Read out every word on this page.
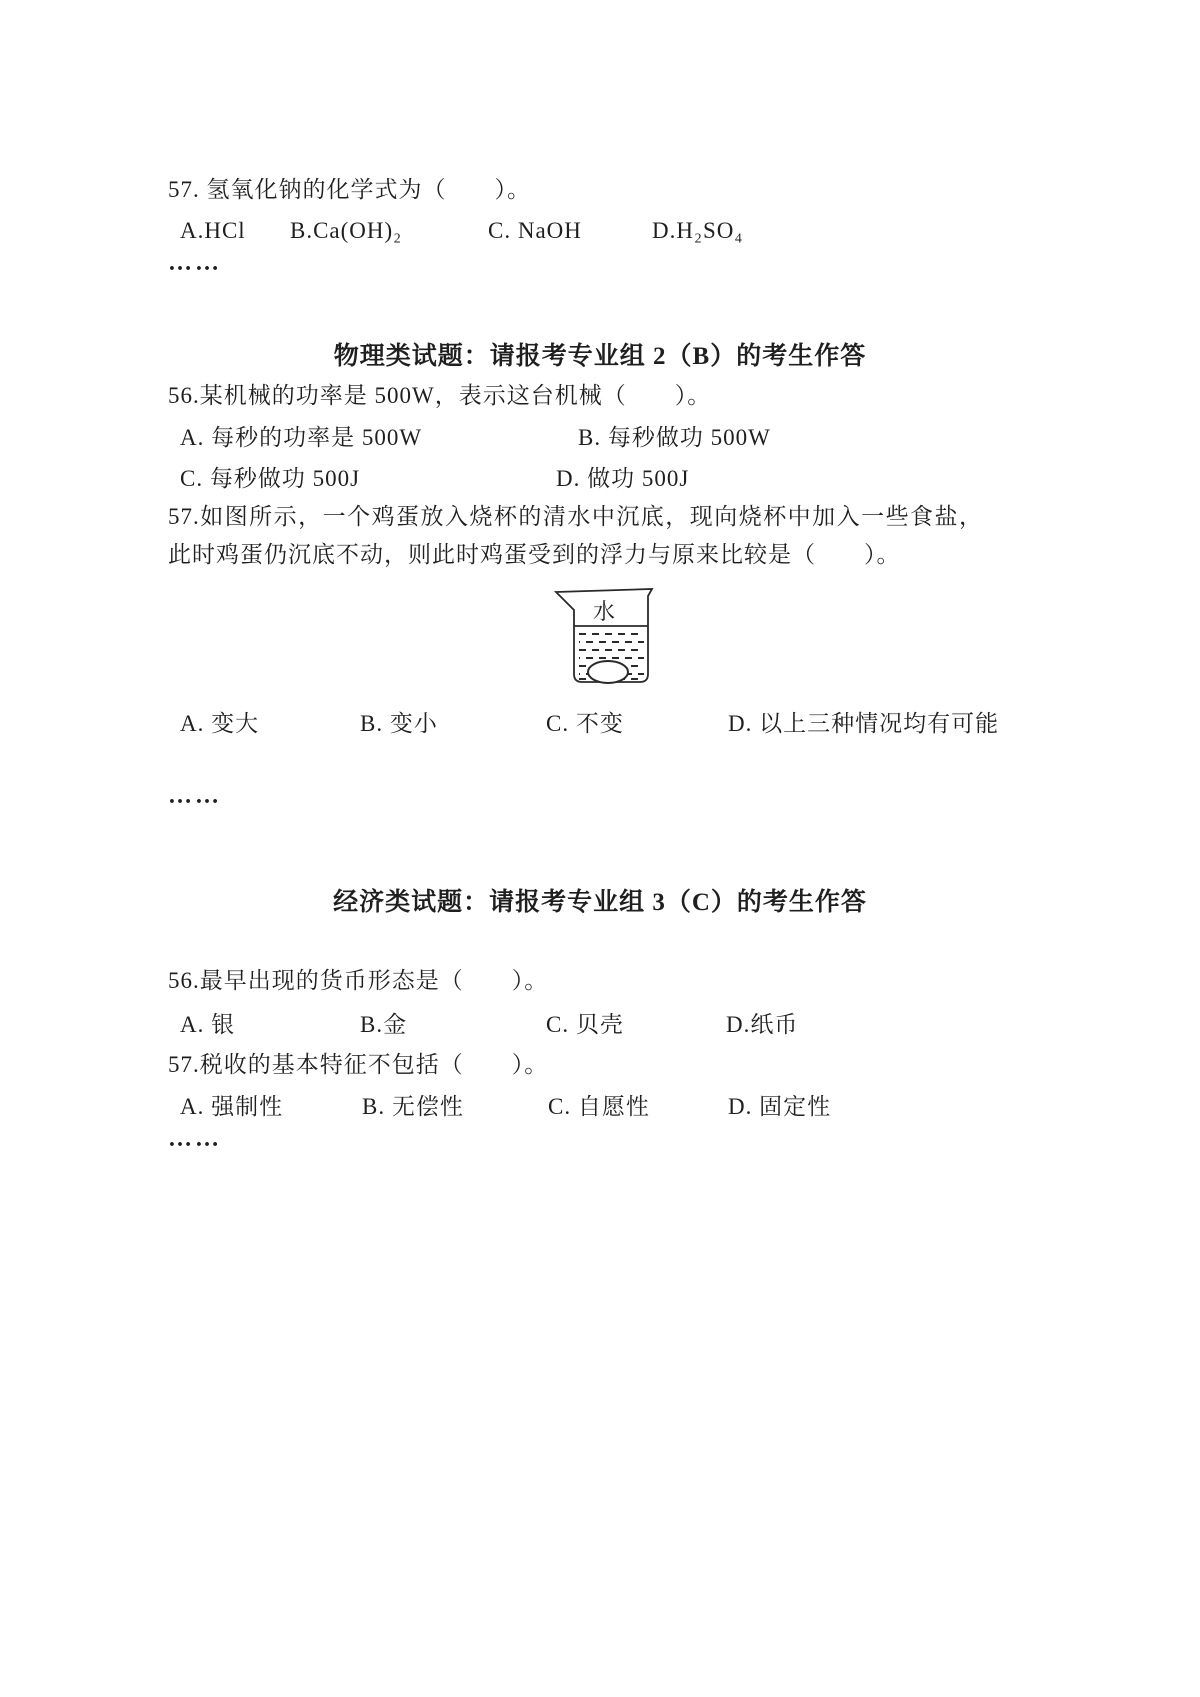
57. 氢氧化钠的化学式为（　　）。
A.HCl B.Ca(OH)₂	C. NaOH	D.H₂SO₄
……
物理类试题：请报考专业组 2（B）的考生作答
56.某机械的功率是 500W，表示这台机械（　　）。
A. 每秒的功率是 500W	B. 每秒做功 500W
C. 每秒做功 500J	D. 做功 500J
57.如图所示，一个鸡蛋放入烧杯的清水中沉底，现向烧杯中加入一些食盐，此时鸡蛋仍沉底不动，则此时鸡蛋受到的浮力与原来比较是（　　）。
水
A. 变大	B. 变小	C. 不变	D. 以上三种情况均有可能
……
经济类试题：请报考专业组 3（C）的考生作答
56.最早出现的货币形态是（　　）。
A. 银	B.金	C. 贝壳	D.纸币
57.税收的基本特征不包括（　　）。
A. 强制性	B. 无偿性	C. 自愿性	D. 固定性
……
